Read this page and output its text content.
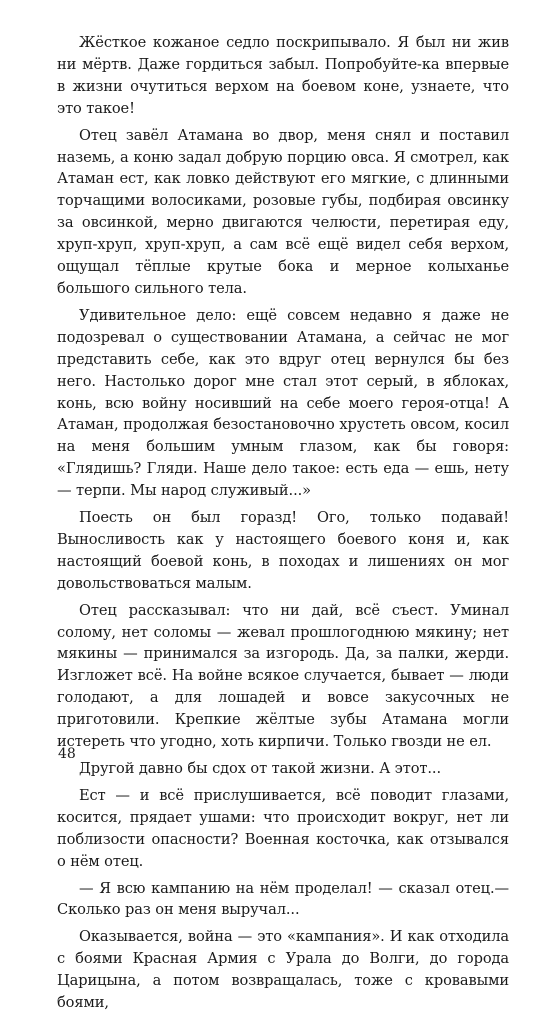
Жёсткое кожаное седло поскрипывало. Я был ни жив ни мёртв. Даже гордиться забыл. Попробуйте-ка впервые в жизни очутиться верхом на боевом коне, узнаете, что это такое!

Отец завёл Атамана во двор, меня снял и поставил наземь, а коню задал добрую порцию овса. Я смотрел, как Атаман ест, как ловко действуют его мягкие, с длинными торчащими волосиками, розовые губы, подбирая овсинку за овсинкой, мерно двигаются челюсти, перетирая еду, хруп-хруп, хруп-хруп, а сам всё ещё видел себя верхом, ощущал тёплые крутые бока и мерное колыханье большого сильного тела.

Удивительное дело: ещё совсем недавно я даже не подозревал о существовании Атамана, а сейчас не мог представить себе, как это вдруг отец вернулся бы без него. Настолько дорог мне стал этот серый, в яблоках, конь, всю войну носивший на себе моего героя-отца! А Атаман, продолжая безостановочно хрустеть овсом, косил на меня большим умным глазом, как бы говоря: «Глядишь? Гляди. Наше дело такое: есть еда — ешь, нету — терпи. Мы народ служивый...»

Поесть он был горазд! Ого, только подавай! Выносливость как у настоящего боевого коня и, как настоящий боевой конь, в походах и лишениях он мог довольствоваться малым.

Отец рассказывал: что ни дай, всё съест. Уминал солому, нет соломы — жевал прошлогоднюю мякину; нет мякины — принимался за изгородь. Да, за палки, жерди. Изгложет всё. На войне всякое случается, бывает — люди голодают, а для лошадей и вовсе закусочных не приготовили. Крепкие жёлтые зубы Атамана могли истереть что угодно, хоть кирпичи. Только гвозди не ел.

Другой давно бы сдох от такой жизни. А этот...

Ест — и всё прислушивается, всё поводит глазами, косится, прядает ушами: что происходит вокруг, нет ли поблизости опасности? Военная косточка, как отзывался о нём отец.

— Я всю кампанию на нём проделал! — сказал отец.— Сколько раз он меня выручал...

Оказывается, война — это «кампания». И как отходила с боями Красная Армия с Урала до Волги, до города Царицына, а потом возвращалась, тоже с кровавыми боями,

48
